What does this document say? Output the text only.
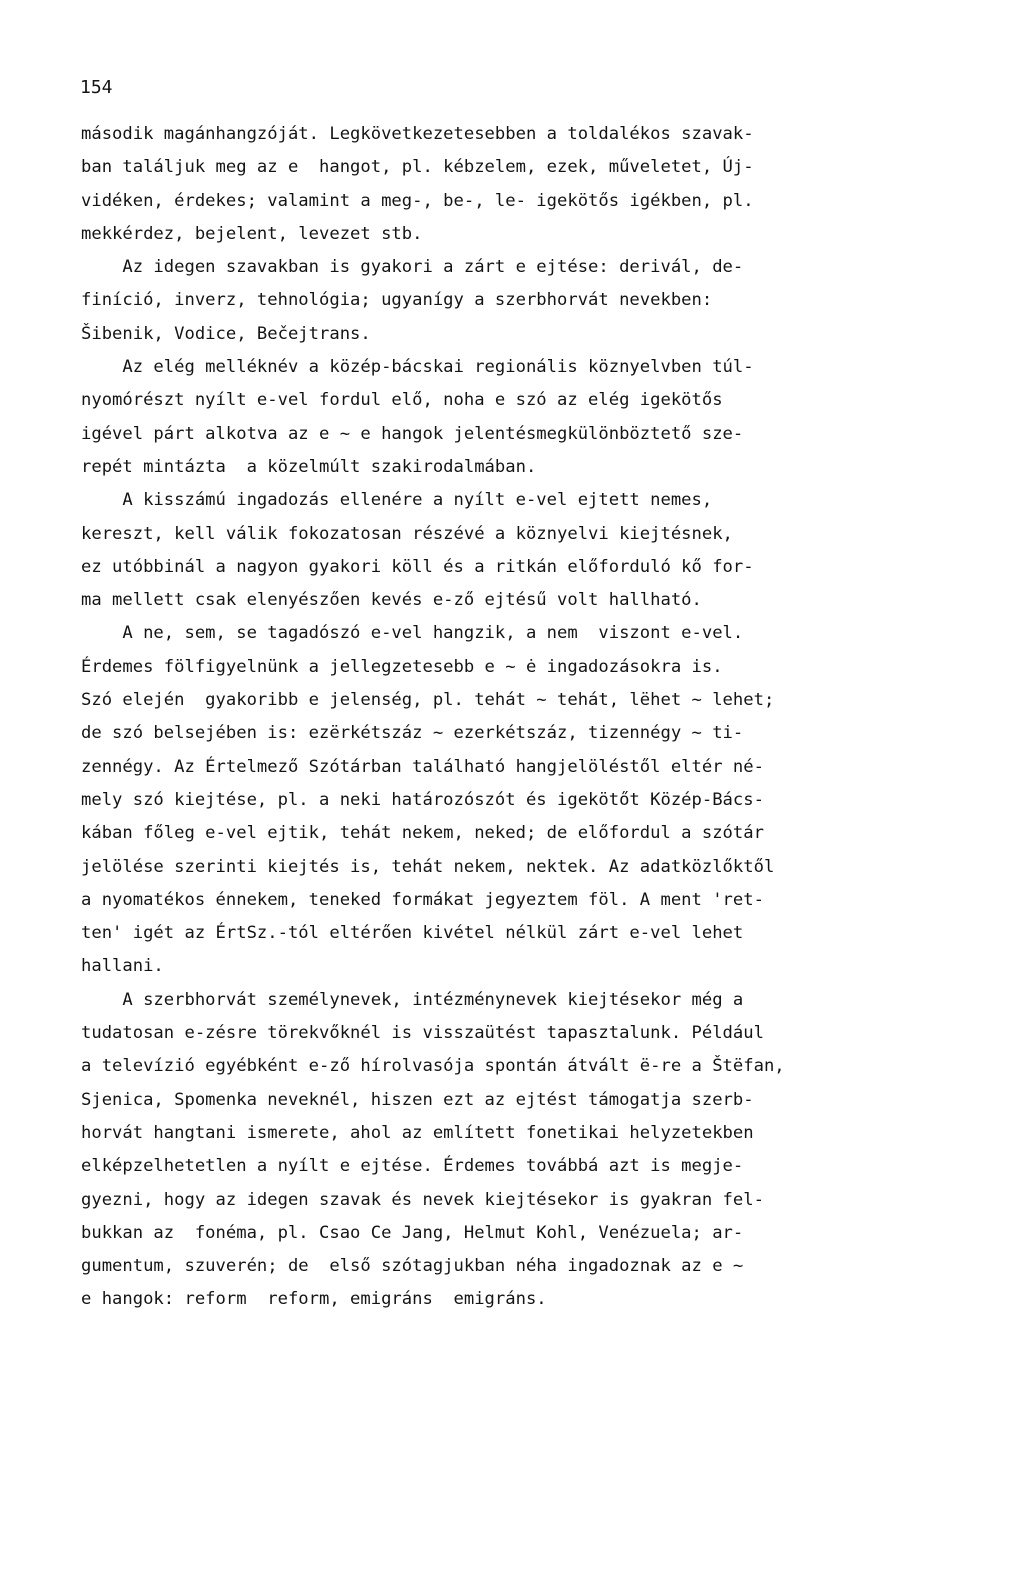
154
második magánhangzóját. Legkövetkezetesebben a toldalékos szavak-
ban találjuk meg az e  hangot, pl. kébzelem, ezek, műveletet, Új-
vidéken, érdekes; valamint a meg-, be-, le- igekötős igékben, pl.
mekkérdez, bejelent, levezet stb.
Az idegen szavakban is gyakori a zárt e ejtése: derivál, de-
finíció, inverz, tehnológia; ugyanígy a szerbhorvát nevekben:
Šibenik, Vodice, Bečejtrans.
Az elég melléknév a közép-bácskai regionális köznyelvben túl-
nyomórészt nyílt e-vel fordul elő, noha e szó az elég igekötős
igével párt alkotva az e ~ e hangok jelentésmegkülönböztető sze-
repét mintázta  a közelmúlt szakirodalmában.
A kisszámú ingadozás ellenére a nyílt e-vel ejtett nemes,
kereszt, kell válik fokozatosan részévé a köznyelvi kiejtésnek,
ez utóbbinál a nagyon gyakori köll és a ritkán előforduló kő for-
ma mellett csak elenyészően kevés e-ző ejtésű volt hallható.
A ne, sem, se tagadószó e-vel hangzik, a nem  viszont e-vel.
Érdemes fölfigyelnünk a jellegzetesebb e ~ ė ingadozásokra is.
Szó elején  gyakoribb e jelenség, pl. tehát ~ tehát, lëhet ~ lehet;
de szó belsejében is: ezërkétszáz ~ ezerkétszáz, tizennégy ~ ti-
zennégy. Az Értelmező Szótárban található hangjelöléstől eltér né-
mely szó kiejtése, pl. a neki határozószót és igekötőt Közép-Bács-
kában főleg e-vel ejtik, tehát nekem, neked; de előfordul a szótár
jelölése szerinti kiejtés is, tehát nekem, nektek. Az adatközlőktől
a nyomatékos énnekem, teneked formákat jegyeztem föl. A ment 'ret-
ten' igét az ÉrtSz.-tól eltérően kivétel nélkül zárt e-vel lehet
hallani.
A szerbhorvát személynevek, intézménynevek kiejtésekor még a
tudatosan e-zésre törekvőknél is visszaütést tapasztalunk. Például
a televízió egyébként e-ző hírolvasója spontán átvált ë-re a Štëfan,
Sjenica, Spomenka neveknél, hiszen ezt az ejtést támogatja szerb-
horvát hangtani ismerete, ahol az említett fonetikai helyzetekben
elképzelhetetlen a nyílt e ejtése. Érdemes továbbá azt is megje-
gyezni, hogy az idegen szavak és nevek kiejtésekor is gyakran fel-
bukkan az  fonéma, pl. Csao Ce Jang, Helmut Kohl, Venézuela; ar-
gumentum, szuverén; de  első szótagjukban néha ingadoznak az e ~
e hangok: reform  reform, emigráns  emigráns.
